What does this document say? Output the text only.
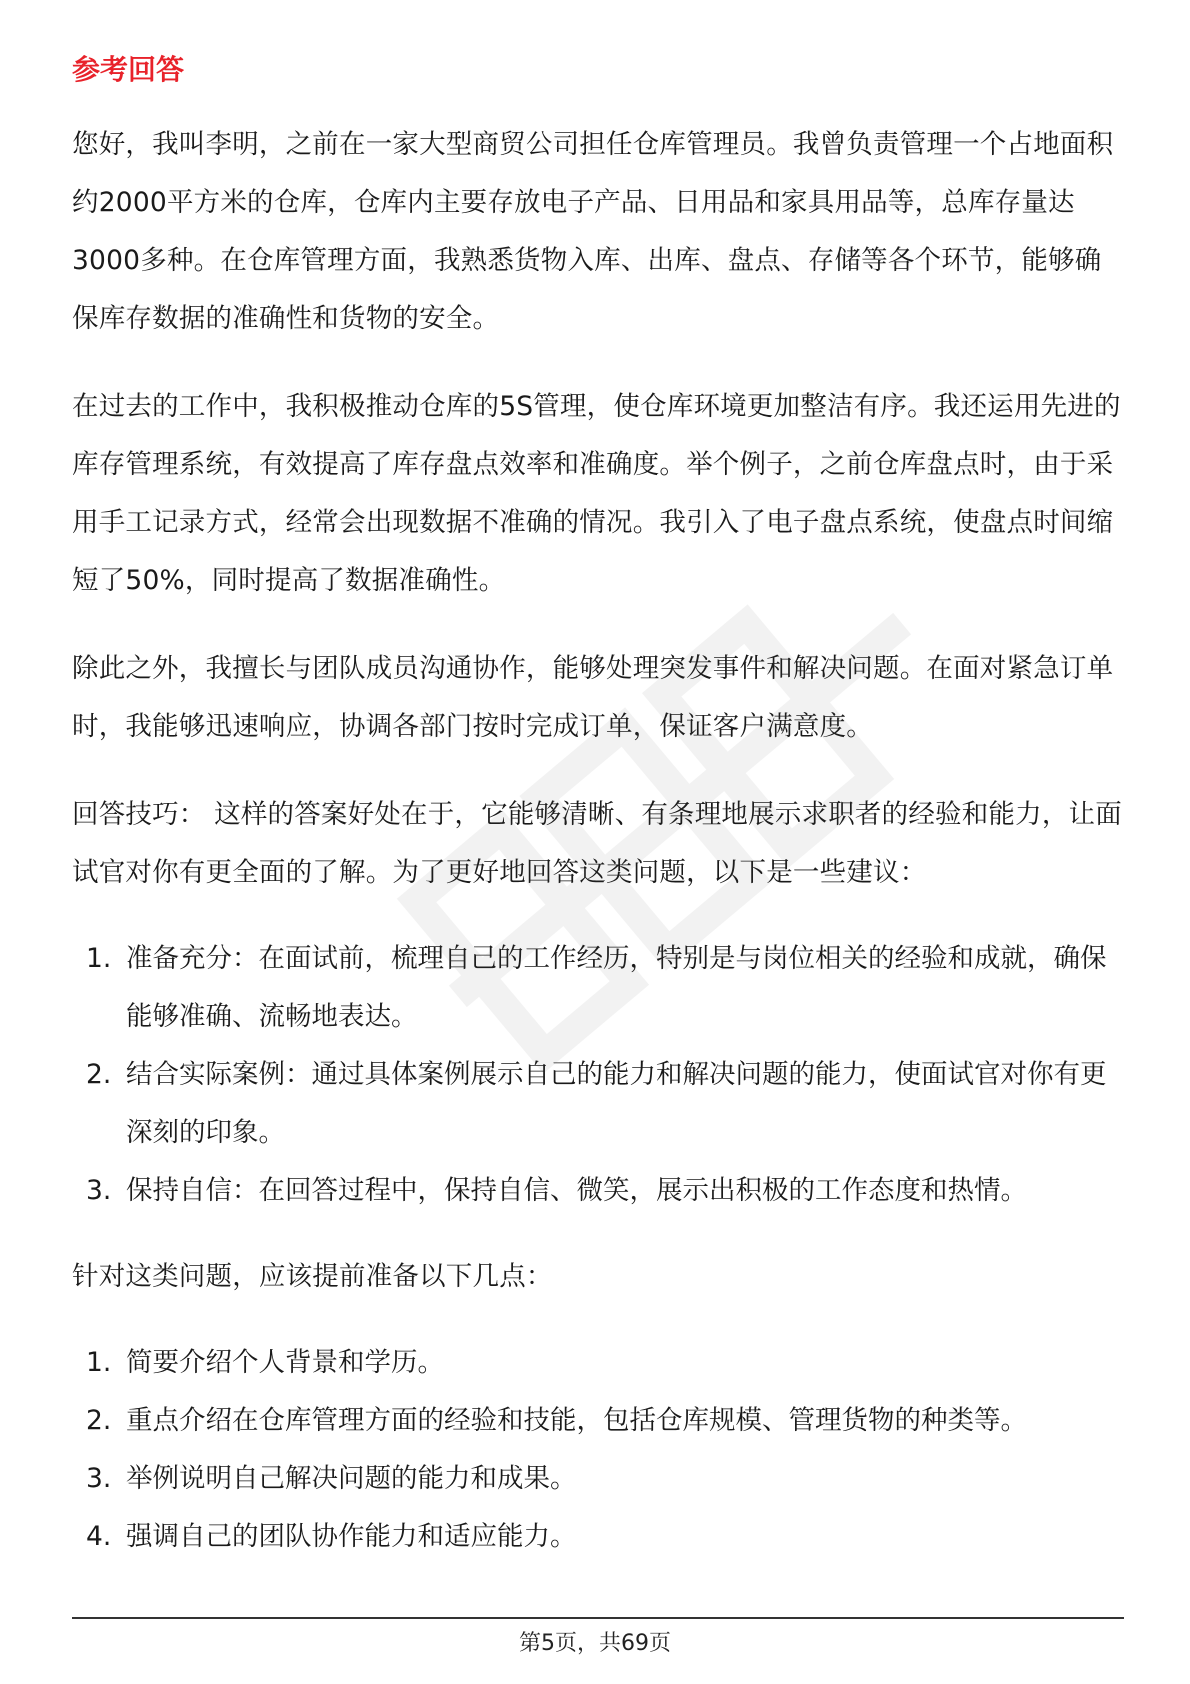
参考回答

您好，我叫李明，之前在一家大型商贸公司担任仓库管理员。我曾负责管理一个占地面积约2000平方米的仓库，仓库内主要存放电子产品、日用品和家具用品等，总库存量达3000多种。在仓库管理方面，我熟悉货物入库、出库、盘点、存储等各个环节，能够确保库存数据的准确性和货物的安全。

在过去的工作中，我积极推动仓库的5S管理，使仓库环境更加整洁有序。我还运用先进的库存管理系统，有效提高了库存盘点效率和准确度。举个例子，之前仓库盘点时，由于采用手工记录方式，经常会出现数据不准确的情况。我引入了电子盘点系统，使盘点时间缩短了50%，同时提高了数据准确性。

除此之外，我擅长与团队成员沟通协作，能够处理突发事件和解决问题。在面对紧急订单时，我能够迅速响应，协调各部门按时完成订单，保证客户满意度。

回答技巧： 这样的答案好处在于，它能够清晰、有条理地展示求职者的经验和能力，让面试官对你有更全面的了解。为了更好地回答这类问题，以下是一些建议：

1. 准备充分：在面试前，梳理自己的工作经历，特别是与岗位相关的经验和成就，确保能够准确、流畅地表达。
2. 结合实际案例：通过具体案例展示自己的能力和解决问题的能力，使面试官对你有更深刻的印象。
3. 保持自信：在回答过程中，保持自信、微笑，展示出积极的工作态度和热情。

针对这类问题，应该提前准备以下几点：

1. 简要介绍个人背景和学历。
2. 重点介绍在仓库管理方面的经验和技能，包括仓库规模、管理货物的种类等。
3. 举例说明自己解决问题的能力和成果。
4. 强调自己的团队协作能力和适应能力。
第5页，共69页
